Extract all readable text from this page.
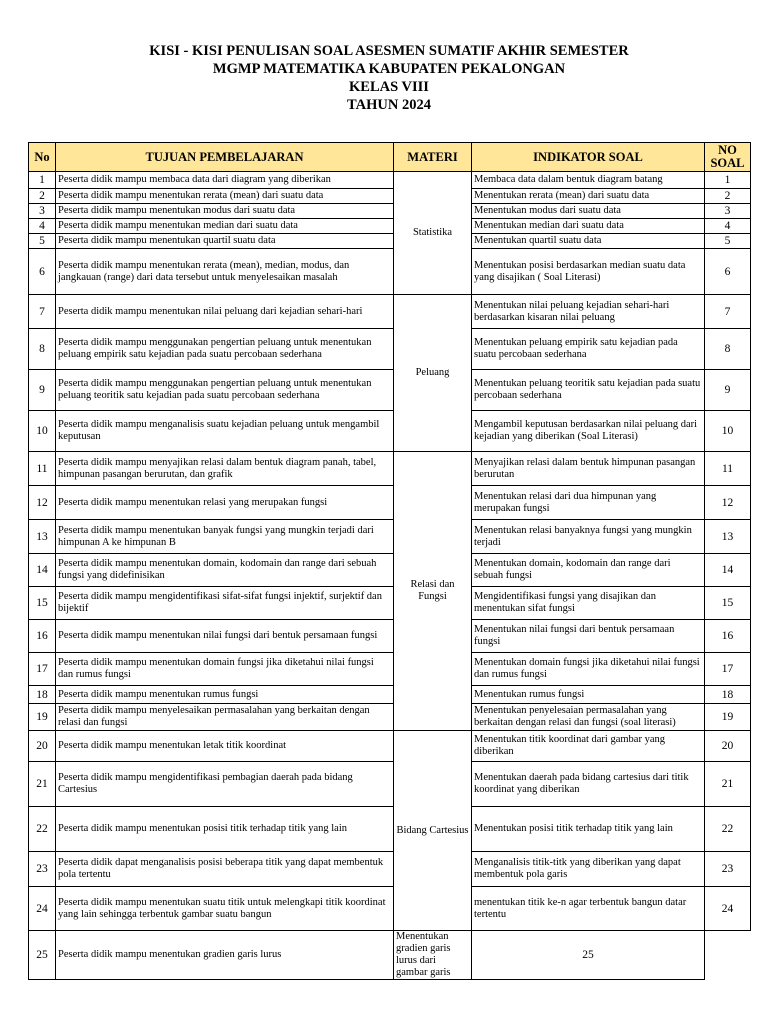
KISI - KISI PENULISAN SOAL ASESMEN SUMATIF AKHIR SEMESTER
MGMP MATEMATIKA KABUPATEN PEKALONGAN
KELAS VIII
TAHUN 2024
No	TUJUAN PEMBELAJARAN	MATERI	INDIKATOR SOAL	NO SOAL
1	Peserta didik mampu membaca data dari diagram yang diberikan	Statistika	Membaca data dalam bentuk diagram batang	1
2	Peserta didik mampu menentukan rerata (mean) dari suatu data		Menentukan rerata (mean) dari suatu data	2
3	Peserta didik mampu menentukan modus dari suatu data		Menentukan modus dari suatu data	3
4	Peserta didik mampu menentukan median dari suatu data		Menentukan median dari suatu data	4
5	Peserta didik mampu menentukan quartil suatu data		Menentukan quartil suatu data	5
6	Peserta didik mampu menentukan rerata (mean), median, modus, dan jangkauan (range) dari data tersebut untuk menyelesaikan masalah		Menentukan posisi berdasarkan median suatu data yang disajikan ( Soal Literasi)	6
7	Peserta didik mampu menentukan nilai peluang dari kejadian sehari-hari	Peluang	Menentukan nilai peluang kejadian sehari-hari berdasarkan kisaran nilai peluang	7
8	Peserta didik mampu menggunakan pengertian peluang untuk menentukan peluang empirik satu kejadian pada suatu percobaan sederhana		Menentukan peluang empirik satu kejadian pada suatu percobaan sederhana	8
9	Peserta didik mampu menggunakan pengertian peluang untuk menentukan peluang teoritik satu kejadian pada suatu percobaan sederhana		Menentukan peluang teoritik satu kejadian pada suatu percobaan sederhana	9
10	Peserta didik mampu menganalisis suatu kejadian peluang untuk mengambil keputusan		Mengambil keputusan berdasarkan nilai peluang dari kejadian yang diberikan (Soal Literasi)	10
11	Peserta didik mampu menyajikan relasi dalam bentuk diagram panah, tabel, himpunan pasangan berurutan, dan grafik	Relasi dan Fungsi	Menyajikan relasi dalam bentuk himpunan pasangan berurutan	11
12	Peserta didik mampu menentukan relasi yang merupakan fungsi		Menentukan relasi dari dua himpunan yang merupakan fungsi	12
13	Peserta didik mampu menentukan banyak fungsi yang mungkin terjadi dari himpunan A ke himpunan B		Menentukan relasi banyaknya fungsi yang mungkin terjadi	13
14	Peserta didik mampu menentukan domain, kodomain dan range dari sebuah fungsi yang didefinisikan		Menentukan domain, kodomain dan range dari sebuah fungsi	14
15	Peserta didik mampu mengidentifikasi sifat-sifat fungsi injektif, surjektif dan bijektif		Mengidentifikasi fungsi yang disajikan dan menentukan sifat fungsi	15
16	Peserta didik mampu menentukan nilai fungsi dari bentuk persamaan fungsi		Menentukan nilai fungsi dari bentuk persamaan fungsi	16
17	Peserta didik mampu menentukan domain fungsi jika diketahui nilai fungsi dan rumus fungsi		Menentukan domain fungsi jika diketahui nilai fungsi dan rumus fungsi	17
18	Peserta didik mampu menentukan rumus fungsi		Menentukan rumus fungsi	18
19	Peserta didik mampu menyelesaikan permasalahan yang berkaitan dengan relasi dan fungsi		Menentukan penyelesaian permasalahan yang berkaitan dengan relasi dan fungsi (soal literasi)	19
20	Peserta didik mampu menentukan letak titik koordinat	Bidang Cartesius	Menentukan titik koordinat dari gambar yang diberikan	20
21	Peserta didik mampu mengidentifikasi pembagian daerah pada bidang Cartesius		Menentukan daerah pada bidang cartesius dari titik koordinat yang diberikan	21
22	Peserta didik mampu menentukan posisi titik terhadap titik yang lain		Menentukan posisi titik terhadap titik yang lain	22
23	Peserta didik dapat menganalisis posisi beberapa titik yang dapat membentuk pola tertentu		Menganalisis titik-titk yang diberikan yang dapat membentuk pola garis	23
24	Peserta didik mampu menentukan suatu titik untuk melengkapi titik koordinat yang lain sehingga terbentuk gambar suatu bangun		menentukan titik ke-n agar terbentuk bangun datar tertentu	24
25	Peserta didik mampu menentukan gradien garis lurus	Menentukan gradien garis lurus dari gambar garis	25	
